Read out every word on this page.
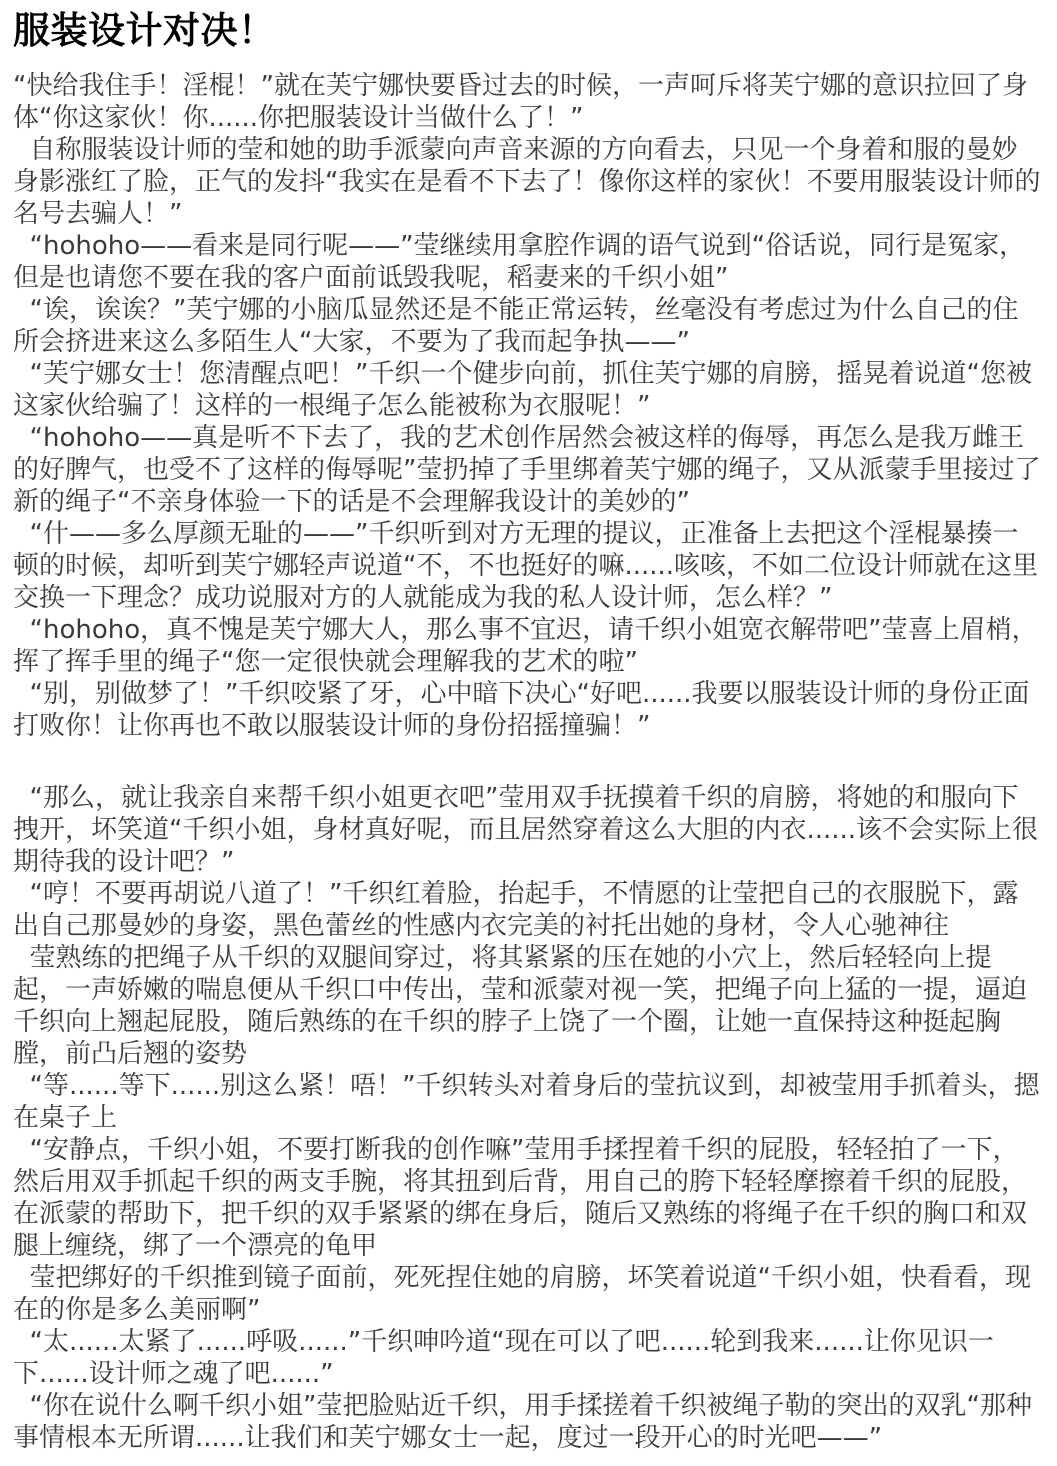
服装设计对决！

“快给我住手！淫棍！”就在芙宁娜快要昏过去的时候，一声呵斥将芙宁娜的意识拉回了身体“你这家伙！你......你把服装设计当做什么了！”

自称服装设计师的莹和她的助手派蒙向声音来源的方向看去，只见一个身着和服的曼妙身影涨红了脸，正气的发抖“我实在是看不下去了！像你这样的家伙！不要用服装设计师的名号去骗人！”

“hohoho——看来是同行呢——”莹继续用拿腔作调的语气说到“俗话说，同行是冤家，但是也请您不要在我的客户面前诋毁我呢，稻妻来的千织小姐”

“诶，诶诶？”芙宁娜的小脑瓜显然还是不能正常运转，丝毫没有考虑过为什么自己的住所会挤进来这么多陌生人“大家，不要为了我而起争执——”

“芙宁娜女士！您清醒点吧！”千织一个健步向前，抓住芙宁娜的肩膀，摇晃着说道“您被这家伙给骗了！这样的一根绳子怎么能被称为衣服呢！”

“hohoho——真是听不下去了，我的艺术创作居然会被这样的侮辱，再怎么是我万雌王的好脾气，也受不了这样的侮辱呢”莹扔掉了手里绑着芙宁娜的绳子，又从派蒙手里接过了新的绳子“不亲身体验一下的话是不会理解我设计的美妙的”

“什——多么厚颜无耻的——”千织听到对方无理的提议，正准备上去把这个淫棍暴揍一顿的时候，却听到芙宁娜轻声说道“不，不也挺好的嘛......咳咳，不如二位设计师就在这里交换一下理念？成功说服对方的人就能成为我的私人设计师，怎么样？”

“hohoho，真不愧是芙宁娜大人，那么事不宜迟，请千织小姐宽衣解带吧”莹喜上眉梢，挥了挥手里的绳子“您一定很快就会理解我的艺术的啦”

“别，别做梦了！”千织咬紧了牙，心中暗下决心“好吧......我要以服装设计师的身份正面打败你！让你再也不敢以服装设计师的身份招摇撞骗！”

“那么，就让我亲自来帮千织小姐更衣吧”莹用双手抚摸着千织的肩膀，将她的和服向下拽开，坏笑道“千织小姐，身材真好呢，而且居然穿着这么大胆的内衣......该不会实际上很期待我的设计吧？”

“哼！不要再胡说八道了！”千织红着脸，抬起手，不情愿的让莹把自己的衣服脱下，露出自己那曼妙的身姿，黑色蕾丝的性感内衣完美的衬托出她的身材，令人心驰神往

莹熟练的把绳子从千织的双腿间穿过，将其紧紧的压在她的小穴上，然后轻轻向上提起，一声娇嫩的喘息便从千织口中传出，莹和派蒙对视一笑，把绳子向上猛的一提，逼迫千织向上翘起屁股，随后熟练的在千织的脖子上饶了一个圈，让她一直保持这种挺起胸膛，前凸后翘的姿势

“等......等下......别这么紧！唔！”千织转头对着身后的莹抗议到，却被莹用手抓着头，摁在桌子上

“安静点，千织小姐，不要打断我的创作嘛”莹用手揉捏着千织的屁股，轻轻拍了一下，然后用双手抓起千织的两支手腕，将其扭到后背，用自己的胯下轻轻摩擦着千织的屁股，在派蒙的帮助下，把千织的双手紧紧的绑在身后，随后又熟练的将绳子在千织的胸口和双腿上缠绕，绑了一个漂亮的龟甲

莹把绑好的千织推到镜子面前，死死捏住她的肩膀，坏笑着说道“千织小姐，快看看，现在的你是多么美丽啊”

“太......太紧了......呼吸......”千织呻吟道“现在可以了吧......轮到我来......让你见识一下......设计师之魂了吧......”

“你在说什么啊千织小姐”莹把脸贴近千织，用手揉搓着千织被绳子勒的突出的双乳“那种事情根本无所谓......让我们和芙宁娜女士一起，度过一段开心的时光吧——”
